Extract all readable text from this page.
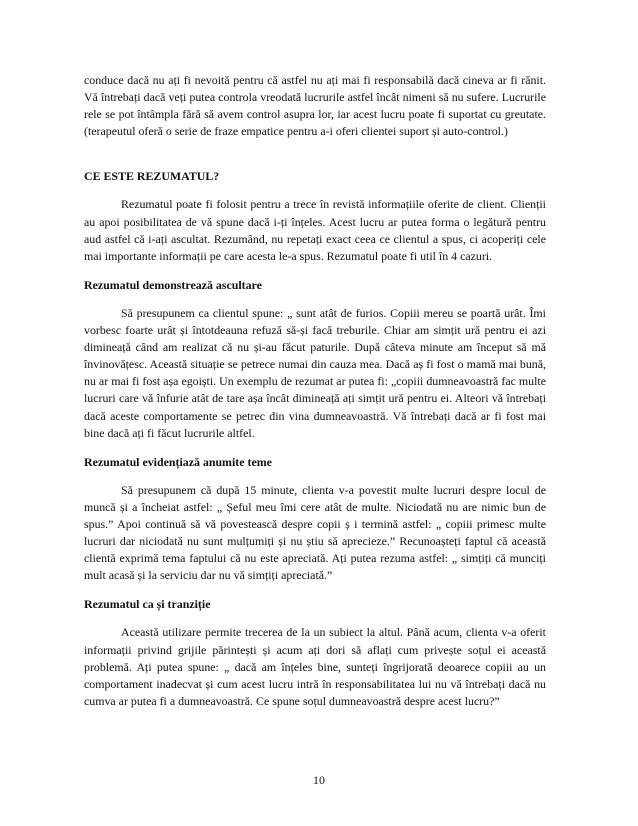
conduce dacă nu ați fi nevoită pentru că astfel nu ați mai fi responsabilă dacă cineva ar fi rănit. Vă întrebați dacă veți putea controla vreodată lucrurile astfel încât nimeni să nu sufere. Lucrurile rele se pot întâmpla fără să avem control asupra lor, iar acest lucru poate fi suportat cu greutate. (terapeutul oferă o serie de fraze empatice pentru a-i oferi clientei suport și auto-control.)

CE ESTE REZUMATUL?

Rezumatul poate fi folosit pentru a trece în revistă informațiile oferite de client. Clienții au apoi posibilitatea de vă spune dacă i-ți înțeles. Acest lucru ar putea forma o legătură pentru aud astfel că i-ați ascultat. Rezumând, nu repetați exact ceea ce clientul a spus, ci acoperiți cele mai importante informații pe care acesta le-a spus. Rezumatul poate fi util în 4 cazuri.

Rezumatul demonstrează ascultare

Să presupunem ca clientul spune: „ sunt atât de furios. Copiii mereu se poartă urât. Îmi vorbesc foarte urât și întotdeauna refuză să-și facă treburile. Chiar am simțit ură pentru ei azi dimineață când am realizat că nu și-au făcut paturile. După câteva minute am început să mă învinovățesc. Această situație se petrece numai din cauza mea. Dacă aș fi fost o mamă mai bună, nu ar mai fi fost așa egoiști. Un exemplu de rezumat ar putea fi: „copiii dumneavoastră fac multe lucruri care vă înfurie atât de tare așa încât dimineață ați simțit ură pentru ei. Alteori vă întrebați dacă aceste comportamente se petrec din vina dumneavoastră. Vă întrebați dacă ar fi fost mai bine dacă ați fi făcut lucrurile altfel.

Rezumatul evidențiază anumite teme

Să presupunem că după 15 minute, clienta v-a povestit multe lucruri despre locul de muncă și a încheiat astfel: „ Șeful meu îmi cere atât de multe. Niciodată nu are nimic bun de spus.” Apoi continuă să vă povestească despre copii ș i termină astfel: „ copiii primesc multe lucruri dar niciodată nu sunt mulțumiți și nu știu să aprecieze.” Recunoașteți faptul că această clientă exprimă tema faptului că nu este apreciată. Ați putea rezuma astfel: „ simțiți că munciți mult acasă și la serviciu dar nu vă simțiți apreciată.”

Rezumatul ca și tranziție

Această utilizare permite trecerea de la un subiect la altul. Până acum, clienta v-a oferit informații privind grijile părintești și acum ați dori să aflați cum privește soțul ei această problemă. Ați putea spune: „ dacă am înțeles bine, sunteți îngrijorată deoarece copiii au un comportament inadecvat și cum acest lucru intră în responsabilitatea lui nu vă întrebați dacă nu cumva ar putea fi a dumneavoastră. Ce spune soțul dumneavoastră despre acest lucru?”

10
